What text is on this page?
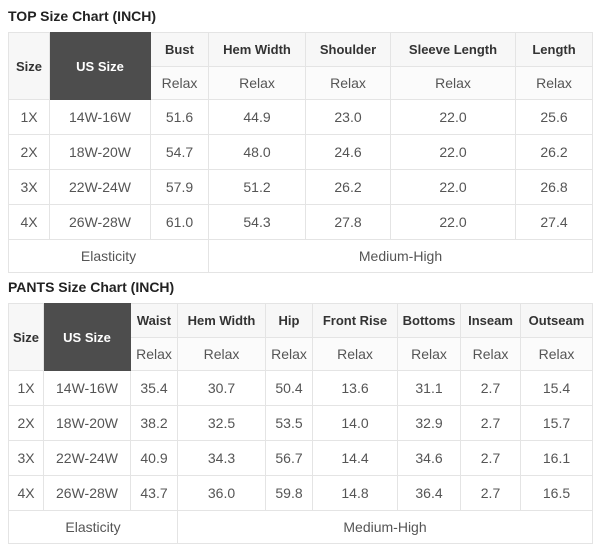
TOP Size Chart (INCH)
Size	US Size	Bust	Hem Width	Shoulder	Sleeve Length	Length
		Relax	Relax	Relax	Relax	Relax
1X	14W-16W	51.6	44.9	23.0	22.0	25.6
2X	18W-20W	54.7	48.0	24.6	22.0	26.2
3X	22W-24W	57.9	51.2	26.2	22.0	26.8
4X	26W-28W	61.0	54.3	27.8	22.0	27.4
Elasticity			Medium-High			
PANTS Size Chart (INCH)
Size	US Size	Waist	Hem Width	Hip	Front Rise	Bottoms	Inseam	Outseam
		Relax	Relax	Relax	Relax	Relax	Relax	Relax
1X	14W-16W	35.4	30.7	50.4	13.6	31.1	2.7	15.4
2X	18W-20W	38.2	32.5	53.5	14.0	32.9	2.7	15.7
3X	22W-24W	40.9	34.3	56.7	14.4	34.6	2.7	16.1
4X	26W-28W	43.7	36.0	59.8	14.8	36.4	2.7	16.5
Elasticity			Medium-High					
